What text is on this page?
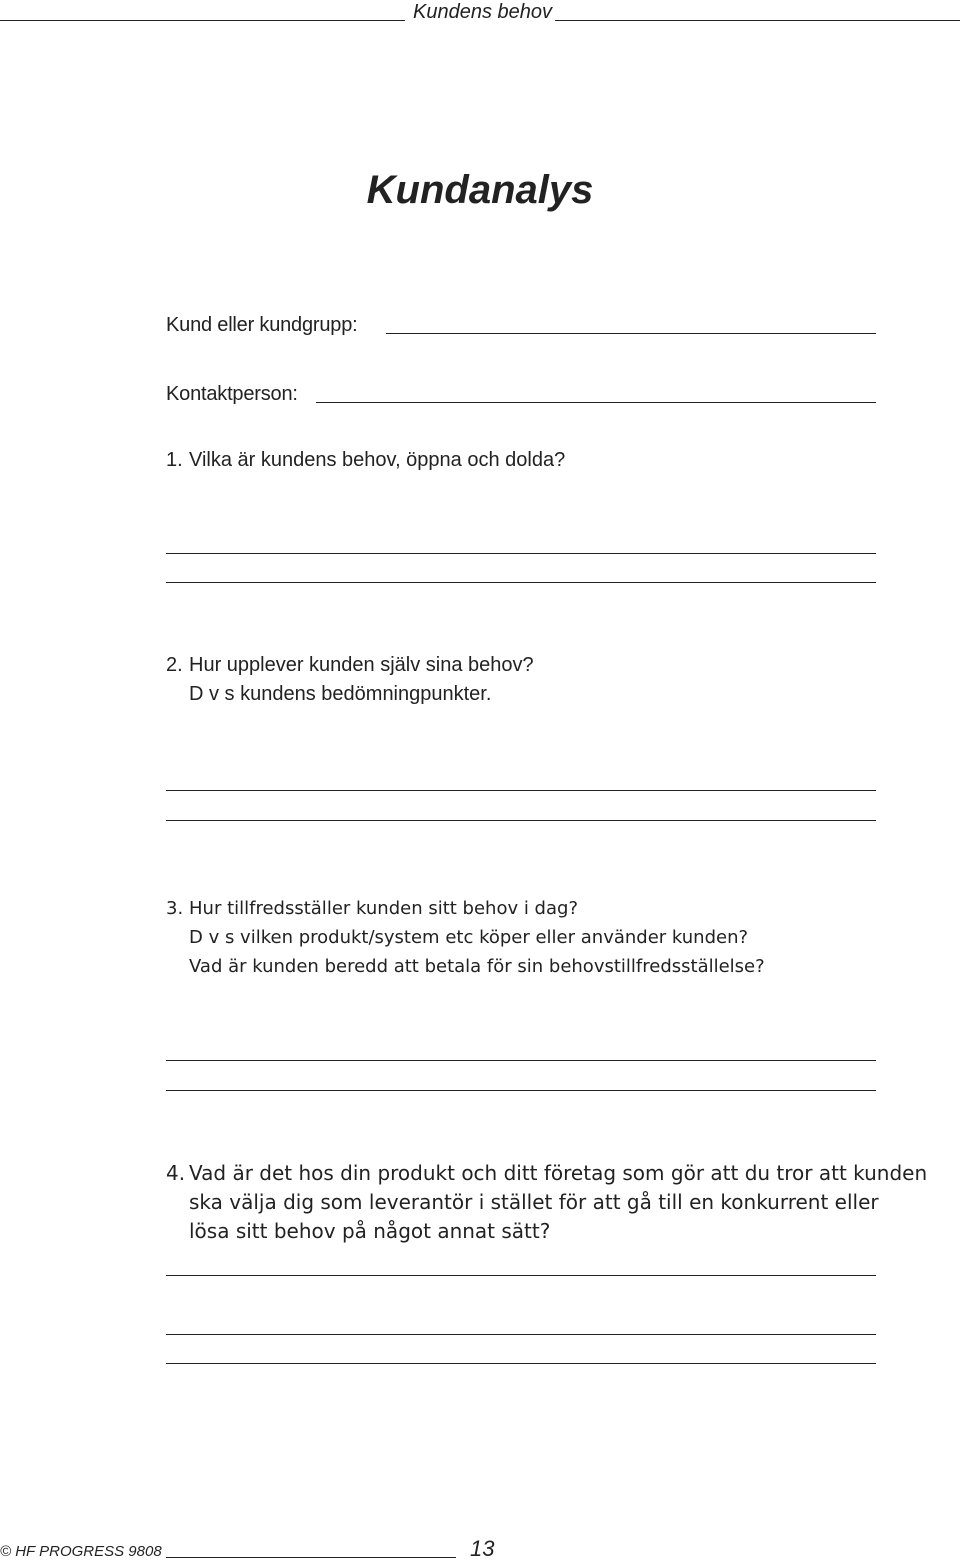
Kundens behov
Kundanalys
Kund eller kundgrupp:
Kontaktperson:
1. Vilka är kundens behov, öppna och dolda?
2. Hur upplever kunden själv sina behov?
D v s kundens bedömningpunkter.
3. Hur tillfredsställer kunden sitt behov i dag?
D v s vilken produkt/system etc köper eller använder kunden?
Vad är kunden beredd att betala för sin behovstillfredsställelse?
4. Vad är det hos din produkt och ditt företag som gör att du tror att kunden
ska välja dig som leverantör i stället för att gå till en konkurrent eller
lösa sitt behov på något annat sätt?
© HF PROGRESS 9808	13
